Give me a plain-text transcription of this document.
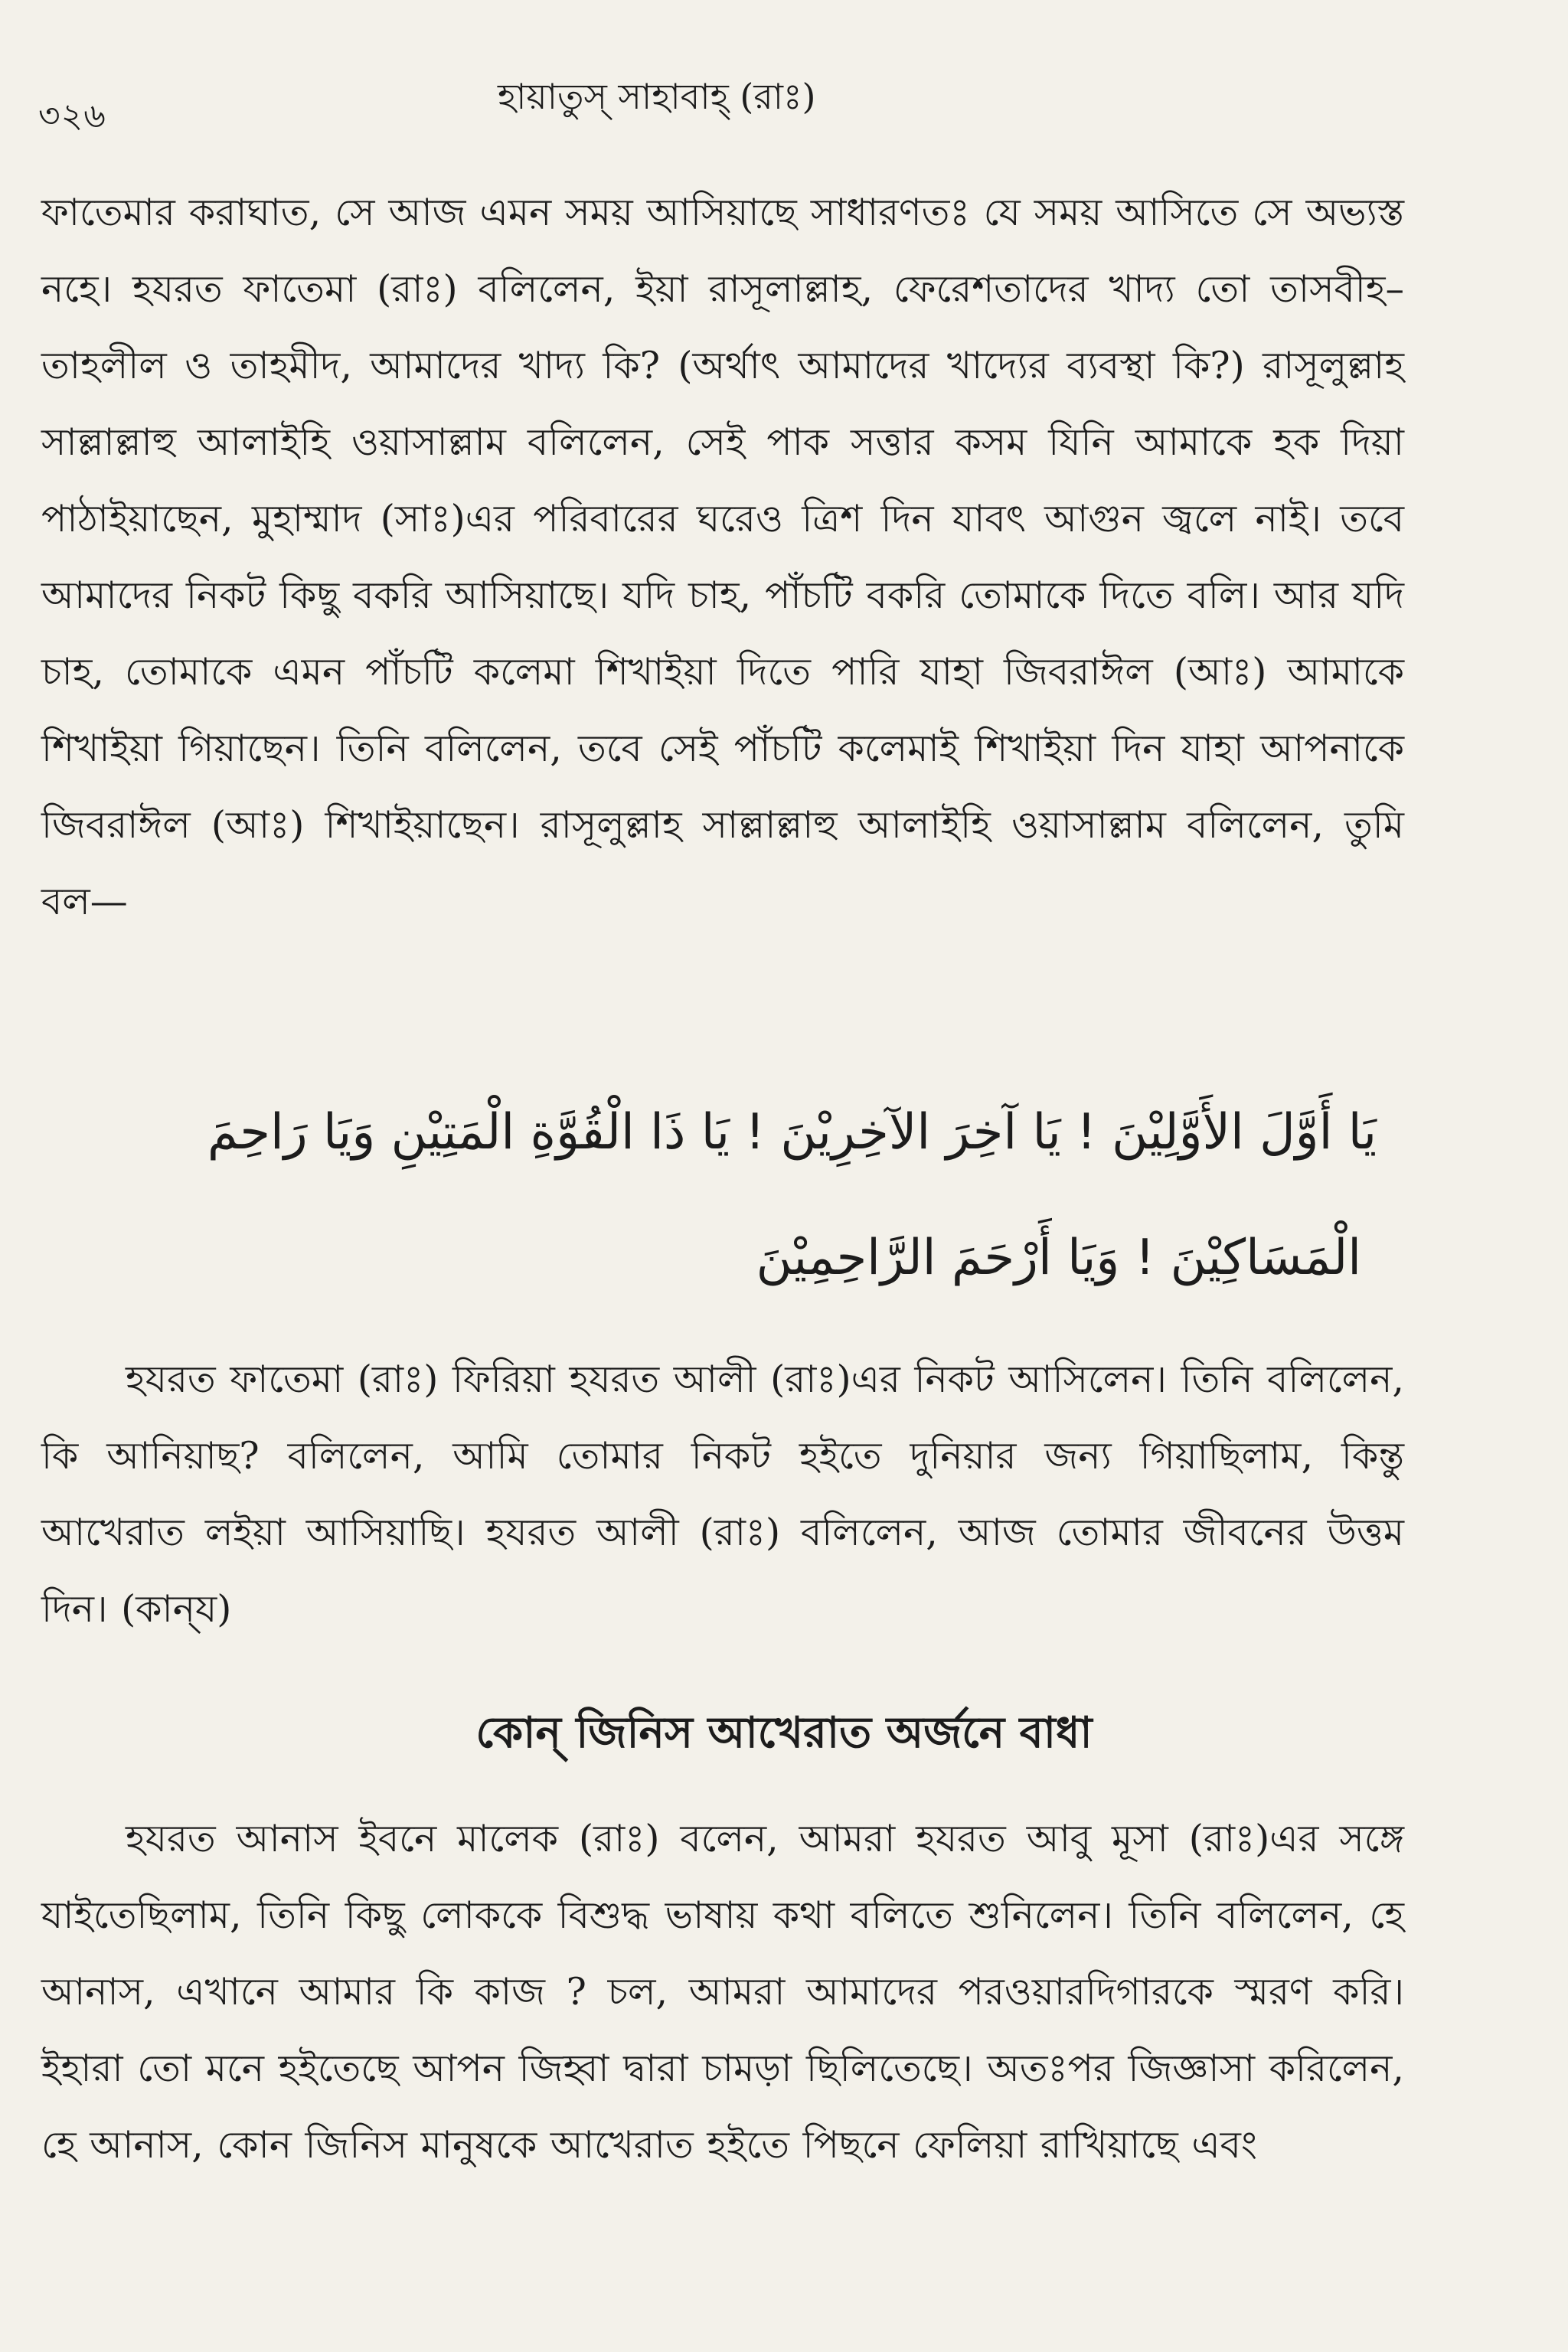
৩২৬	হায়াতুস্ সাহাবাহ্ (রাঃ)

ফাতেমার করাঘাত, সে আজ এমন সময় আসিয়াছে সাধারণতঃ যে সময় আসিতে সে অভ্যস্ত নহে। হযরত ফাতেমা (রাঃ) বলিলেন, ইয়া রাসূলাল্লাহ, ফেরেশতাদের খাদ্য তো তাসবীহ–তাহলীল ও তাহমীদ, আমাদের খাদ্য কি? (অর্থাৎ আমাদের খাদ্যের ব্যবস্থা কি?) রাসূলুল্লাহ সাল্লাল্লাহু আলাইহি ওয়াসাল্লাম বলিলেন, সেই পাক সত্তার কসম যিনি আমাকে হক দিয়া পাঠাইয়াছেন, মুহাম্মাদ (সাঃ)এর পরিবারের ঘরেও ত্রিশ দিন যাবৎ আগুন জ্বলে নাই। তবে আমাদের নিকট কিছু বকরি আসিয়াছে। যদি চাহ, পাঁচটি বকরি তোমাকে দিতে বলি। আর যদি চাহ, তোমাকে এমন পাঁচটি কলেমা শিখাইয়া দিতে পারি যাহা জিবরাঈল (আঃ) আমাকে শিখাইয়া গিয়াছেন। তিনি বলিলেন, তবে সেই পাঁচটি কলেমাই শিখাইয়া দিন যাহা আপনাকে জিবরাঈল (আঃ) শিখাইয়াছেন। রাসূলুল্লাহ সাল্লাল্লাহু আলাইহি ওয়াসাল্লাম বলিলেন, তুমি বল—

يَا أَوَّلَ الأَوَّلِيْنَ ! يَا آخِرَ الآخِرِيْنَ ! يَا ذَا الْقُوَّةِ الْمَتِيْنِ وَيَا رَاحِمَ
الْمَسَاكِيْنَ ! وَيَا أَرْحَمَ الرَّاحِمِيْنَ

হযরত ফাতেমা (রাঃ) ফিরিয়া হযরত আলী (রাঃ)এর নিকট আসিলেন। তিনি বলিলেন, কি আনিয়াছ? বলিলেন, আমি তোমার নিকট হইতে দুনিয়ার জন্য গিয়াছিলাম, কিন্তু আখেরাত লইয়া আসিয়াছি। হযরত আলী (রাঃ) বলিলেন, আজ তোমার জীবনের উত্তম দিন। (কান্‌য)

কোন্ জিনিস আখেরাত অর্জনে বাধা

হযরত আনাস ইবনে মালেক (রাঃ) বলেন, আমরা হযরত আবু মূসা (রাঃ)এর সঙ্গে যাইতেছিলাম, তিনি কিছু লোককে বিশুদ্ধ ভাষায় কথা বলিতে শুনিলেন। তিনি বলিলেন, হে আনাস, এখানে আমার কি কাজ ? চল, আমরা আমাদের পরওয়ারদিগারকে স্মরণ করি। ইহারা তো মনে হইতেছে আপন জিহ্বা দ্বারা চামড়া ছিলিতেছে। অতঃপর জিজ্ঞাসা করিলেন, হে আনাস, কোন জিনিস মানুষকে আখেরাত হইতে পিছনে ফেলিয়া রাখিয়াছে এবং
